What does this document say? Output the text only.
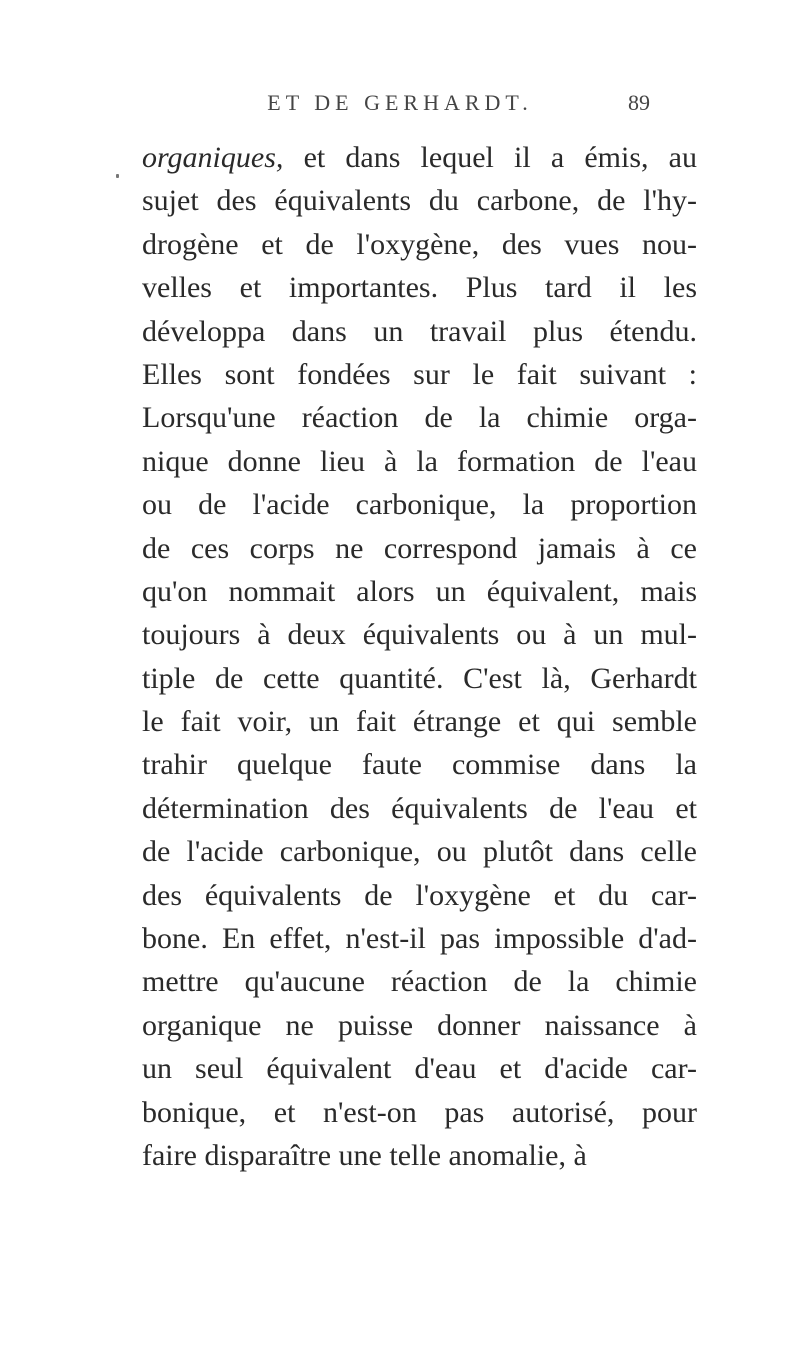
ET DE GERHARDT.	89
organiques, et dans lequel il a émis, au
sujet des équivalents du carbone, de l'hy-
drogène et de l'oxygène, des vues nou-
velles et importantes. Plus tard il les
développa dans un travail plus étendu.
Elles sont fondées sur le fait suivant :
Lorsqu'une réaction de la chimie orga-
nique donne lieu à la formation de l'eau
ou de l'acide carbonique, la proportion
de ces corps ne correspond jamais à ce
qu'on nommait alors un équivalent, mais
toujours à deux équivalents ou à un mul-
tiple de cette quantité. C'est là, Gerhardt
le fait voir, un fait étrange et qui semble
trahir quelque faute commise dans la
détermination des équivalents de l'eau et
de l'acide carbonique, ou plutôt dans celle
des équivalents de l'oxygène et du car-
bone. En effet, n'est-il pas impossible d'ad-
mettre qu'aucune réaction de la chimie
organique ne puisse donner naissance à
un seul équivalent d'eau et d'acide car-
bonique, et n'est-on pas autorisé, pour
faire disparaître une telle anomalie, à
